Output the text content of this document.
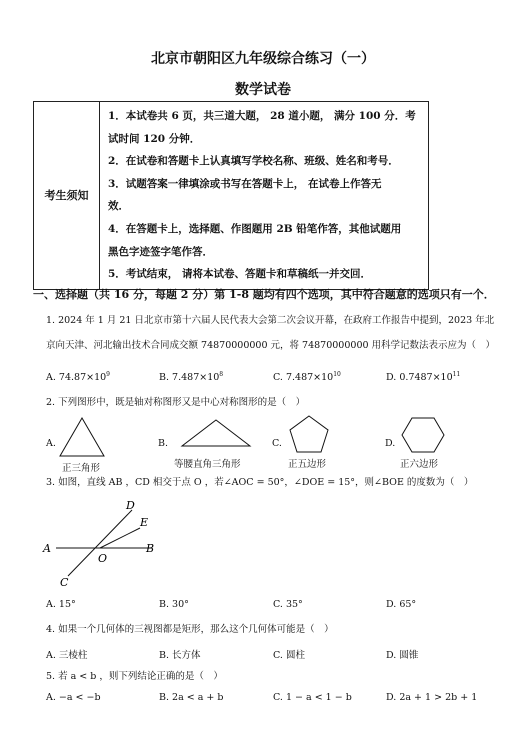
北京市朝阳区九年级综合练习（一）
数学试卷
考生须知	
1．本试卷共 6 页，共三道大题， 28 道小题， 满分 100 分．考
试时间 120 分钟．
2．在试卷和答题卡上认真填写学校名称、班级、姓名和考号．
3．试题答案一律填涂或书写在答题卡上， 在试卷上作答无
效．
4．在答题卡上，选择题、作图题用 2B 铅笔作答，其他试题用
黑色字迹签字笔作答．
5．考试结束， 请将本试卷、答题卡和草稿纸一并交回．
一、选择题（共 16 分，每题 2 分）第 1-8 题均有四个选项，其中符合题意的选项只有一个．
1. 2024 年 1 月 21 日北京市第十六届人民代表大会第二次会议开幕，在政府工作报告中提到，2023 年北
京向天津、河北输出技术合同成交额 74870000000 元，将 74870000000 用科学记数法表示应为（　）
A. $74.87\times 10^9$	B. $7.487\times 10^8$	C. $7.487\times 10^{10}$	D. $0.7487\times 10^{11}$
2. 下列图形中，既是轴对称图形又是中心对称图形的是（　）
A.
正三角形
B.
等腰直角三角形
C.
正五边形
D.
正六边形
3. 如图，直线 AB ，CD 相交于点 O ，若∠AOC = 50°，∠DOE = 15°，则∠BOE 的度数为（　）
A	B
C
D
E
O
A. 15°	B. 30°	C. 35°	D. 65°
4. 如果一个几何体的三视图都是矩形，那么这个几何体可能是（　）
A. 三棱柱	B. 长方体	C. 圆柱	D. 圆锥
5. 若 a < b ，则下列结论正确的是（　）
A. −a < −b	B. 2a < a + b	C. 1 − a < 1 − b	D. 2a + 1 > 2b + 1
